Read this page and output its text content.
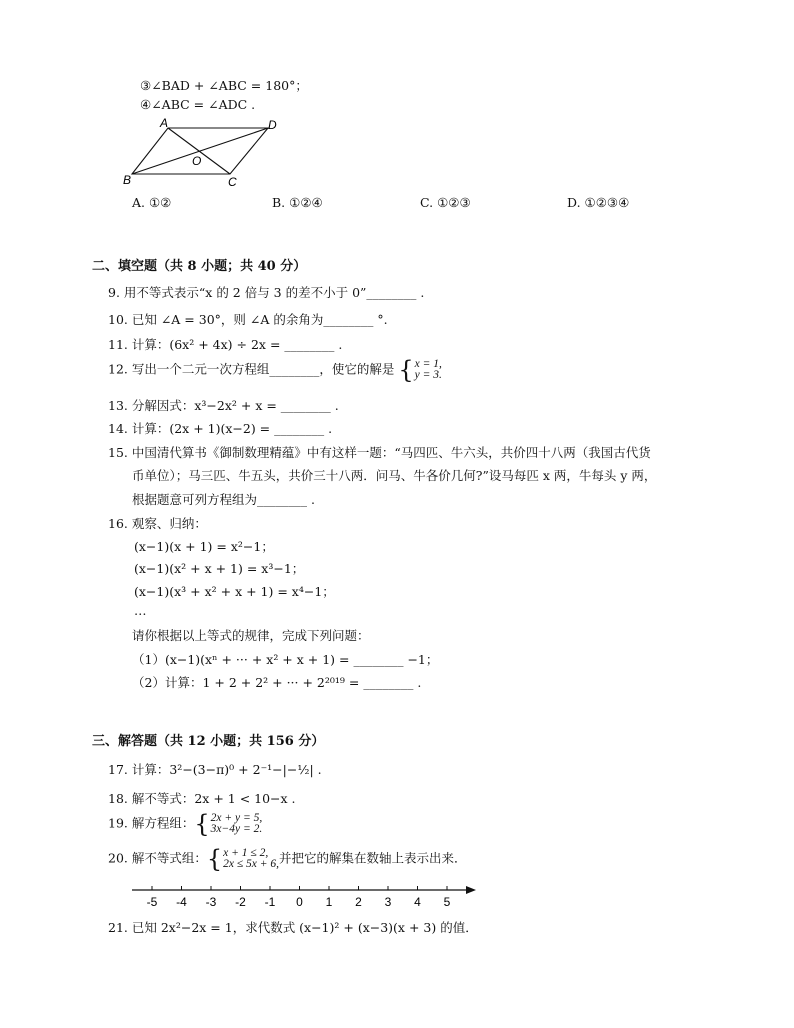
③∠BAD + ∠ABC = 180°；
④∠ABC = ∠ADC .
A	D
B	C
O
A. ①②	B. ①②④	C. ①②③	D. ①②③④
二、填空题（共 8 小题；共 40 分）
9. 用不等式表示“x 的 2 倍与 3 的差不小于 0”________ .
10. 已知 ∠A = 30°，则 ∠A 的余角为________ °.
11. 计算：(6x² + 4x) ÷ 2x = ________ .
12. 写出一个二元一次方程组________，使它的解是 { x = 1,
y = 3.
13. 分解因式：x³−2x² + x = ________ .
14. 计算：(2x + 1)(x−2) = ________ .
15. 中国清代算书《御制数理精蕴》中有这样一题：“马四匹、牛六头，共价四十八两（我国古代货
币单位）；马三匹、牛五头，共价三十八两．问马、牛各价几何?”设马每匹 x 两，牛每头 y 两，
根据题意可列方程组为________ .
16. 观察、归纳：
(x−1)(x + 1) = x²−1；
(x−1)(x² + x + 1) = x³−1；
(x−1)(x³ + x² + x + 1) = x⁴−1；
…
请你根据以上等式的规律，完成下列问题：
（1）(x−1)(xⁿ + ··· + x² + x + 1) = ________ −1；
（2）计算：1 + 2 + 2² + ··· + 2²⁰¹⁹ = ________ .
三、解答题（共 12 小题；共 156 分）
17. 计算：3²−(3−π)⁰ + 2⁻¹−|−½| .
18. 解不等式：2x + 1 < 10−x .
19. 解方程组：{ 2x + y = 5,
3x−4y = 2.
20. 解不等式组：{ x + 1 ≤ 2,
2x ≤ 5x + 6, 并把它的解集在数轴上表示出来．
-5 -4 -3 -2 -1 0 1 2 3 4 5
21. 已知 2x²−2x = 1，求代数式 (x−1)² + (x−3)(x + 3) 的值．
